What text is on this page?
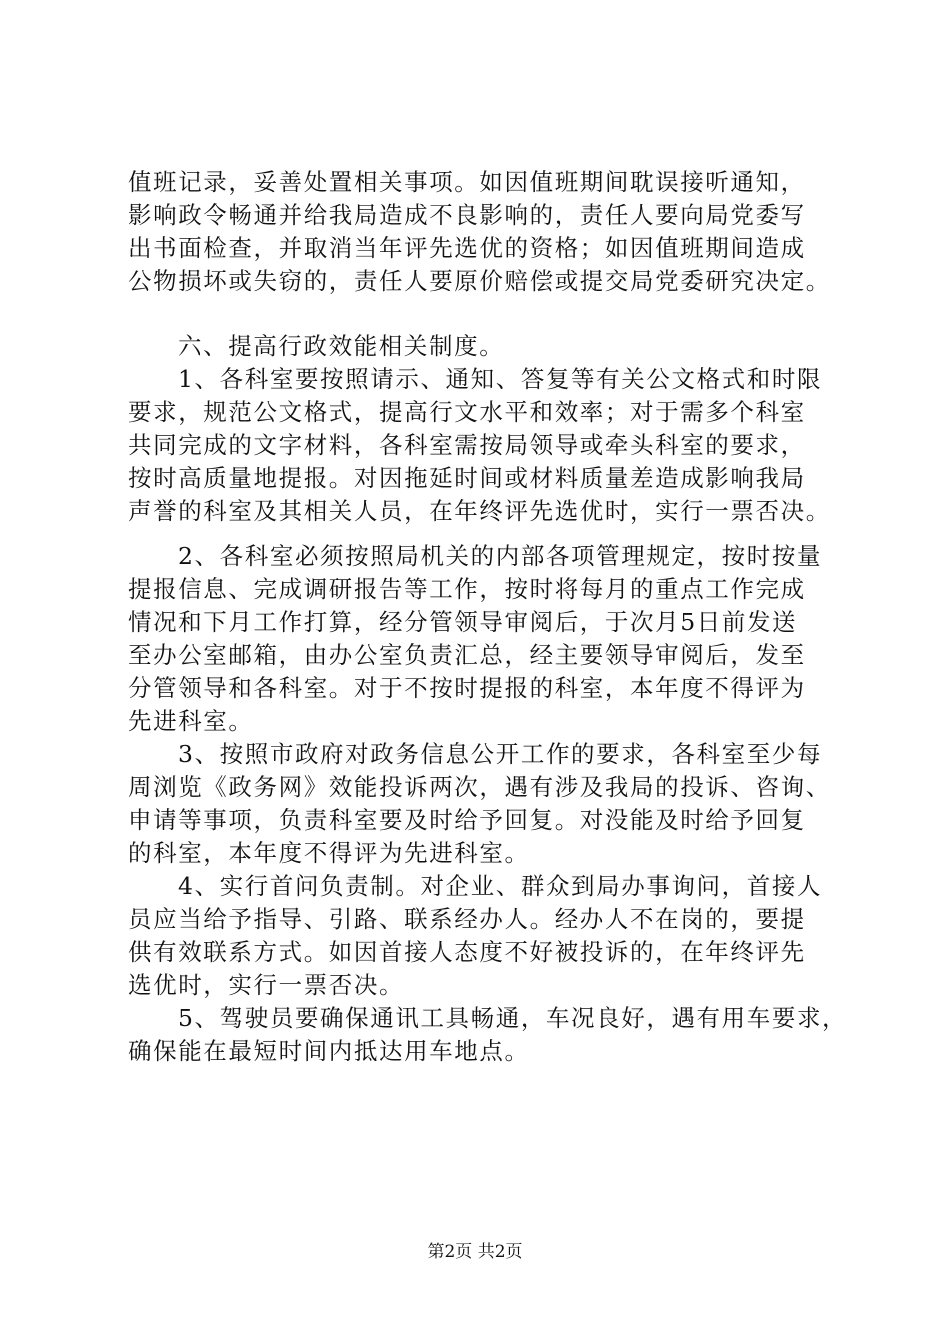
值班记录，妥善处置相关事项。如因值班期间耽误接听通知，
影响政令畅通并给我局造成不良影响的，责任人要向局党委写
出书面检查，并取消当年评先选优的资格；如因值班期间造成
公物损坏或失窃的，责任人要原价赔偿或提交局党委研究决定。
六、提高行政效能相关制度。
1、各科室要按照请示、通知、答复等有关公文格式和时限
要求，规范公文格式，提高行文水平和效率；对于需多个科室
共同完成的文字材料，各科室需按局领导或牵头科室的要求，
按时高质量地提报。对因拖延时间或材料质量差造成影响我局
声誉的科室及其相关人员，在年终评先选优时，实行一票否决。
2、各科室必须按照局机关的内部各项管理规定，按时按量
提报信息、完成调研报告等工作，按时将每月的重点工作完成
情况和下月工作打算，经分管领导审阅后，于次月5日前发送
至办公室邮箱，由办公室负责汇总，经主要领导审阅后，发至
分管领导和各科室。对于不按时提报的科室，本年度不得评为
先进科室。
3、按照市政府对政务信息公开工作的要求，各科室至少每
周浏览《政务网》效能投诉两次，遇有涉及我局的投诉、咨询、
申请等事项，负责科室要及时给予回复。对没能及时给予回复
的科室，本年度不得评为先进科室。
4、实行首问负责制。对企业、群众到局办事询问，首接人
员应当给予指导、引路、联系经办人。经办人不在岗的，要提
供有效联系方式。如因首接人态度不好被投诉的，在年终评先
选优时，实行一票否决。
5、驾驶员要确保通讯工具畅通，车况良好，遇有用车要求，
确保能在最短时间内抵达用车地点。
第2页 共2页
